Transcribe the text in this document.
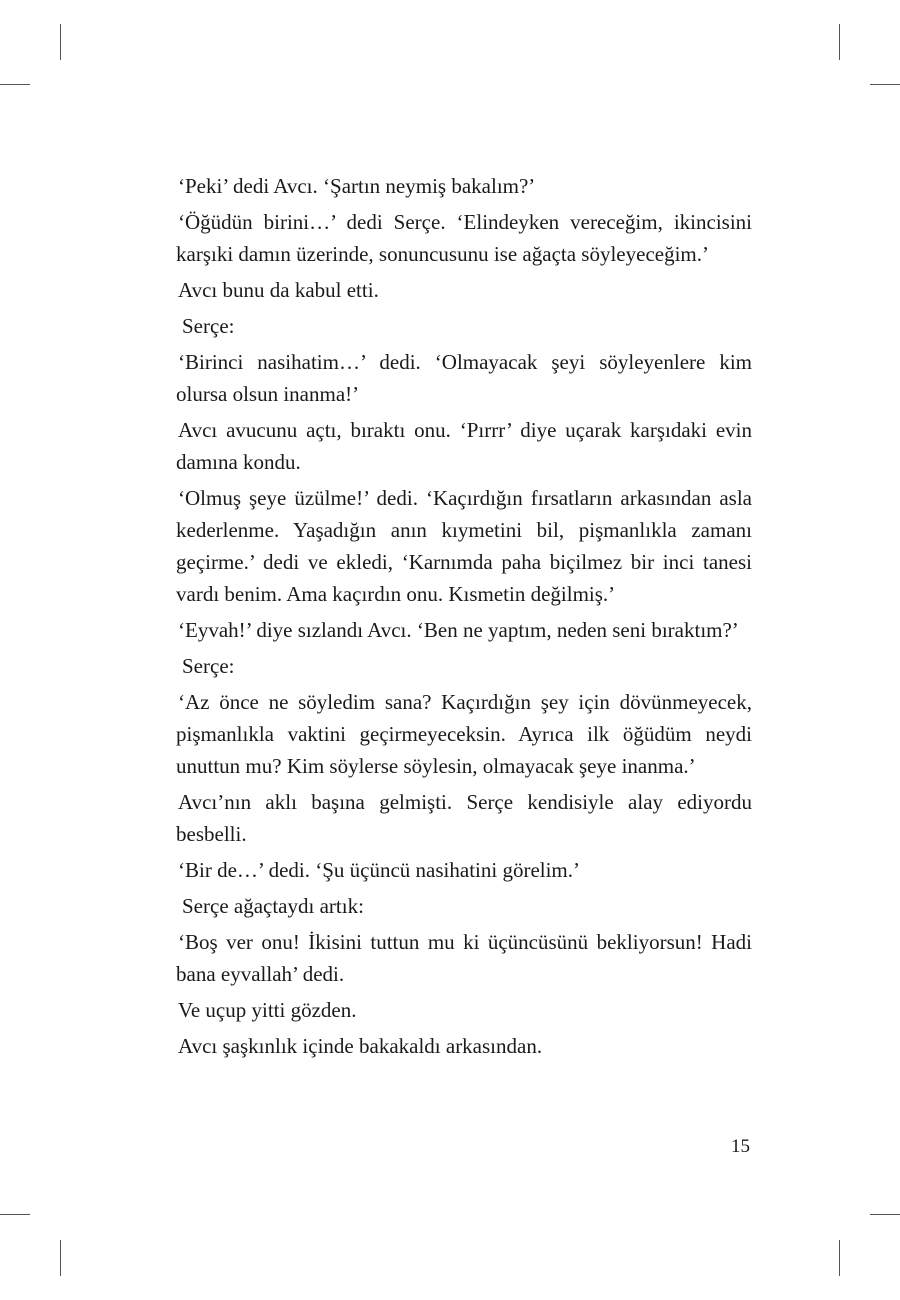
‘Peki’ dedi Avcı. ‘Şartın neymiş bakalım?’

‘Öğüdün birini…’ dedi Serçe. ‘Elindeyken vereceğim, ikincisini karşıki damın üzerinde, sonuncusunu ise ağaçta söyleyeceğim.’

Avcı bunu da kabul etti.

Serçe:

‘Birinci nasihatim…’ dedi. ‘Olmayacak şeyi söyleyenlere kim olursa olsun inanma!’

Avcı avucunu açtı, bıraktı onu. ‘Pırrr’ diye uçarak karşıdaki evin damına kondu.

‘Olmuş şeye üzülme!’ dedi. ‘Kaçırdığın fırsatların arkasından asla kederlenme. Yaşadığın anın kıymetini bil, pişmanlıkla zamanı geçirme.’ dedi ve ekledi, ‘Karnımda paha biçilmez bir inci tanesi vardı benim. Ama kaçırdın onu. Kısmetin değilmiş.’

‘Eyvah!’ diye sızlandı Avcı. ‘Ben ne yaptım, neden seni bıraktım?’

Serçe:

‘Az önce ne söyledim sana? Kaçırdığın şey için dövünmeyecek, pişmanlıkla vaktini geçirmeyeceksin. Ayrıca ilk öğüdüm neydi unuttun mu? Kim söylerse söylesin, olmayacak şeye inanma.’

Avcı’nın aklı başına gelmişti. Serçe kendisiyle alay ediyordu besbelli.

‘Bir de…’ dedi. ‘Şu üçüncü nasihatini görelim.’

Serçe ağaçtaydı artık:

‘Boş ver onu! İkisini tuttun mu ki üçüncüsünü bekliyorsun! Hadi bana eyvallah’ dedi.

Ve uçup yitti gözden.

Avcı şaşkınlık içinde bakakaldı arkasından.

15
